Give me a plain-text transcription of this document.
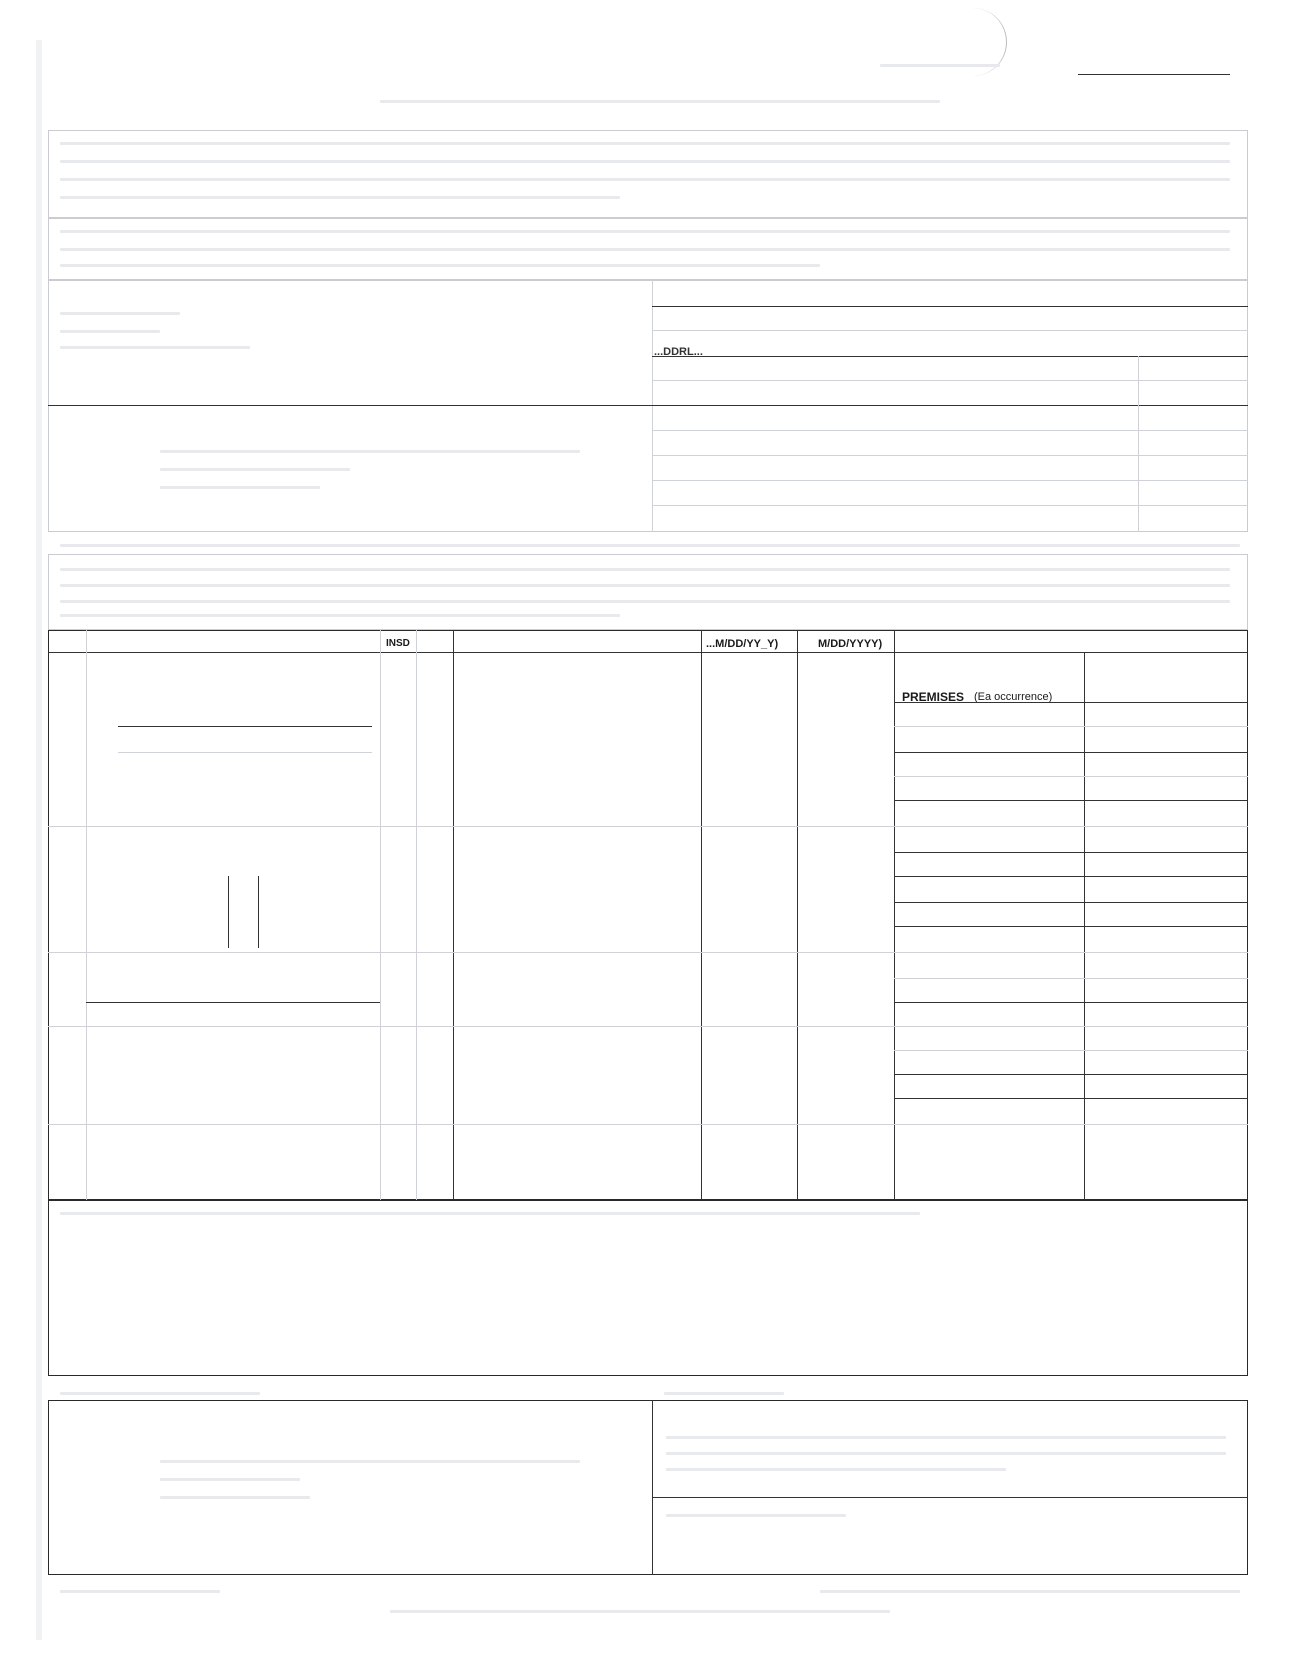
...DDRL...
INSD	...M/DD/YY_Y)	M/DD/YYYY)
PREMISES (Ea occurrence)
